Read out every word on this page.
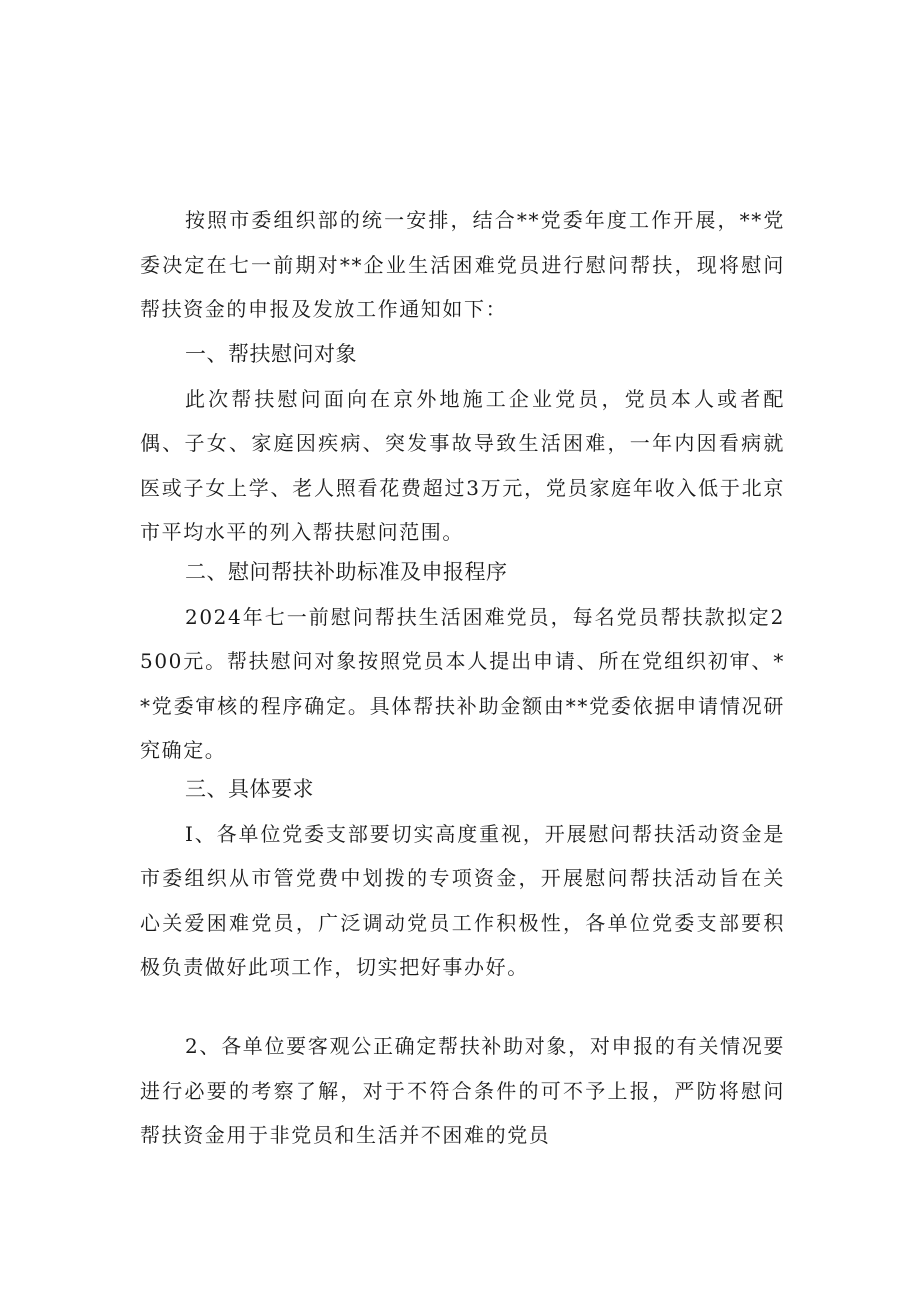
按照市委组织部的统一安排，结合**党委年度工作开展，**党委决定在七一前期对**企业生活困难党员进行慰问帮扶，现将慰问帮扶资金的申报及发放工作通知如下：

一、帮扶慰问对象

此次帮扶慰问面向在京外地施工企业党员，党员本人或者配偶、子女、家庭因疾病、突发事故导致生活困难，一年内因看病就医或子女上学、老人照看花费超过3万元，党员家庭年收入低于北京市平均水平的列入帮扶慰问范围。

二、慰问帮扶补助标准及申报程序

2024年七一前慰问帮扶生活困难党员，每名党员帮扶款拟定2500元。帮扶慰问对象按照党员本人提出申请、所在党组织初审、**党委审核的程序确定。具体帮扶补助金额由**党委依据申请情况研究确定。

三、具体要求

I、各单位党委支部要切实高度重视，开展慰问帮扶活动资金是市委组织从市管党费中划拨的专项资金，开展慰问帮扶活动旨在关心关爱困难党员，广泛调动党员工作积极性，各单位党委支部要积极负责做好此项工作，切实把好事办好。

2、各单位要客观公正确定帮扶补助对象，对申报的有关情况要进行必要的考察了解，对于不符合条件的可不予上报，严防将慰问帮扶资金用于非党员和生活并不困难的党员
